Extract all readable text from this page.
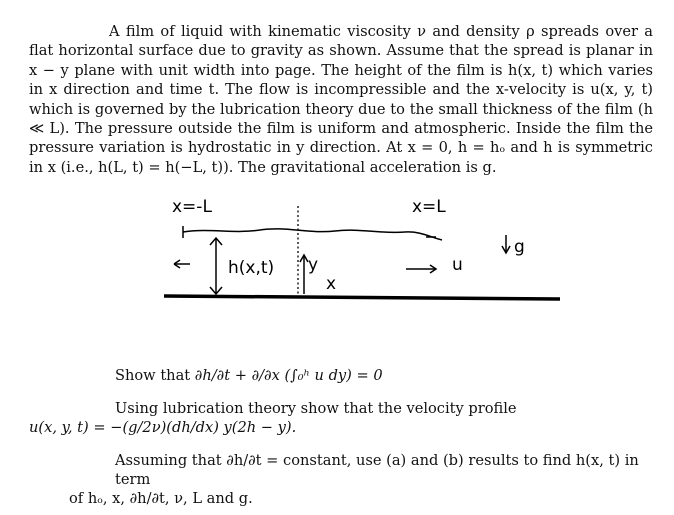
A film of liquid with kinematic viscosity ν and density ρ spreads over a flat horizontal surface due to gravity as shown. Assume that the spread is planar in x − y plane with unit width into page. The height of the film is h(x, t) which varies in x direction and time t. The flow is incompressible and the x-velocity is u(x, y, t) which is governed by the lubrication theory due to the small thickness of the film (h ≪ L). The pressure outside the film is uniform and atmospheric. Inside the film the pressure variation is hydrostatic in y direction. At x = 0, h = hₒ and h is symmetric in x (i.e., h(L, t) = h(−L, t)). The gravitational acceleration is g.

x=-L	x=L
h(x,t) y
x
u
g

Show that ∂h/∂t + ∂/∂x (∫₀ʰ u dy) = 0

Using lubrication theory show that the velocity profile

u(x, y, t) = −(g/2ν)(dh/dx) y(2h − y).

Assuming that ∂h/∂t = constant, use (a) and (b) results to find h(x, t) in term

of hₒ, x, ∂h/∂t, ν, L and g.
